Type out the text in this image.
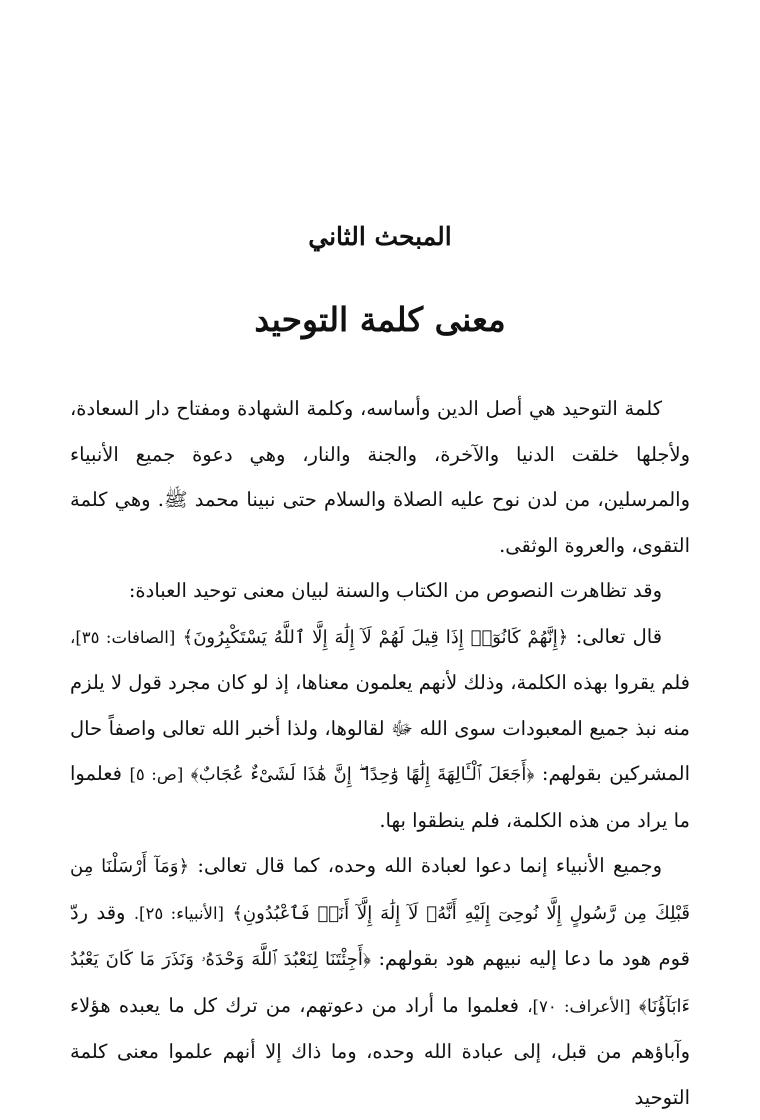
المبحث الثاني
معنى كلمة التوحيد

كلمة التوحيد هي أصل الدين وأساسه، وكلمة الشهادة ومفتاح دار السعادة، ولأجلها خلقت الدنيا والآخرة، والجنة والنار، وهي دعوة جميع الأنبياء والمرسلين، من لدن نوح عليه الصلاة والسلام حتى نبينا محمد ﷺ. وهي كلمة التقوى، والعروة الوثقى.

وقد تظاهرت النصوص من الكتاب والسنة لبيان معنى توحيد العبادة:

قال تعالى: ﴿إِنَّهُمْ كَانُوٓا۟ إِذَا قِيلَ لَهُمْ لَآ إِلَٰهَ إِلَّا ٱللَّهُ يَسْتَكْبِرُونَ﴾ [الصافات: ٣٥]، فلم يقروا بهذه الكلمة، وذلك لأنهم يعلمون معناها، إذ لو كان مجرد قول لا يلزم منه نبذ جميع المعبودات سوى الله ﷻ لقالوها، ولذا أخبر الله تعالى واصفاً حال المشركين بقولهم: ﴿أَجَعَلَ ٱلْـَٔالِهَةَ إِلَٰهًا وَٰحِدًا ۖ إِنَّ هَٰذَا لَشَىْءٌ عُجَابٌ﴾ [ص: ٥] فعلموا ما يراد من هذه الكلمة، فلم ينطقوا بها.

وجميع الأنبياء إنما دعوا لعبادة الله وحده، كما قال تعالى: ﴿وَمَآ أَرْسَلْنَا مِن قَبْلِكَ مِن رَّسُولٍ إِلَّا نُوحِىٓ إِلَيْهِ أَنَّهُۥ لَآ إِلَٰهَ إِلَّآ أَنَا۠ فَٱعْبُدُونِ﴾ [الأنبياء: ٢٥]. وقد ردّ قوم هود ما دعا إليه نبيهم هود بقولهم: ﴿أَجِئْتَنَا لِنَعْبُدَ ٱللَّهَ وَحْدَهُۥ وَنَذَرَ مَا كَانَ يَعْبُدُ ءَابَآؤُنَا﴾ [الأعراف: ٧٠]، فعلموا ما أراد من دعوتهم، من ترك كل ما يعبده هؤلاء وآباؤهم من قبل، إلى عبادة الله وحده، وما ذاك إلا أنهم علموا معنى كلمة التوحيد
